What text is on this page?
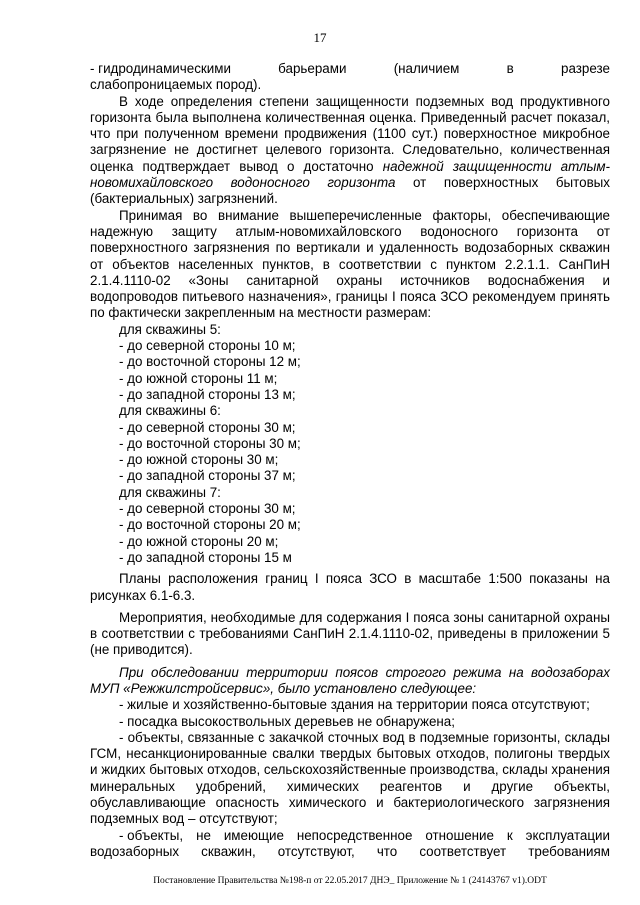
17

- гидродинамическими	барьерами	(наличием	в	разрезе

слабопроницаемых пород).

В ходе определения степени защищенности подземных вод продуктивного горизонта была выполнена количественная оценка. Приведенный расчет показал, что при полученном времени продвижения (1100 сут.) поверхностное микробное загрязнение не достигнет целевого горизонта. Следовательно, количественная оценка подтверждает вывод о достаточно надежной защищенности атлым-новомихайловского водоносного горизонта от поверхностных бытовых (бактериальных) загрязнений.

Принимая во внимание вышеперечисленные факторы, обеспечивающие надежную защиту атлым-новомихайловского водоносного горизонта от поверхностного загрязнения по вертикали и удаленность водозаборных скважин от объектов населенных пунктов, в соответствии с пунктом 2.2.1.1. СанПиН 2.1.4.1110-02 «Зоны санитарной охраны источников водоснабжения и водопроводов питьевого назначения», границы I пояса ЗСО рекомендуем принять по фактически закрепленным на местности размерам:

для скважины 5:

- до северной стороны 10 м;

- до восточной стороны 12 м;

- до южной стороны 11 м;

- до западной стороны 13 м;

для скважины 6:

- до северной стороны 30 м;

- до восточной стороны 30 м;

- до южной стороны 30 м;

- до западной стороны 37 м;

для скважины 7:

- до северной стороны 30 м;

- до восточной стороны 20 м;

- до южной стороны 20 м;

- до западной стороны 15 м

Планы расположения границ I пояса ЗСО в масштабе 1:500 показаны на рисунках 6.1-6.3.

Мероприятия, необходимые для содержания I пояса зоны санитарной охраны в соответствии с требованиями СанПиН 2.1.4.1110-02, приведены в приложении 5 (не приводится).

При обследовании территории поясов строгого режима на водозаборах МУП «Режжилстройсервис», было установлено следующее:

- жилые и хозяйственно-бытовые здания на территории пояса отсутствуют;

- посадка высокоствольных деревьев не обнаружена;

- объекты, связанные с закачкой сточных вод в подземные горизонты, склады ГСМ, несанкционированные свалки твердых бытовых отходов, полигоны твердых и жидких бытовых отходов, сельскохозяйственные производства, склады хранения минеральных удобрений, химических реагентов и другие объекты, обуславливающие опасность химического и бактериологического загрязнения подземных вод – отсутствуют;

- объекты, не имеющие непосредственное отношение к эксплуатации

водозаборных скважин, отсутствуют, что соответствует требованиям

Постановление Правительства №198-п от 22.05.2017 ДНЭ_ Приложение № 1 (24143767 v1).ODT
